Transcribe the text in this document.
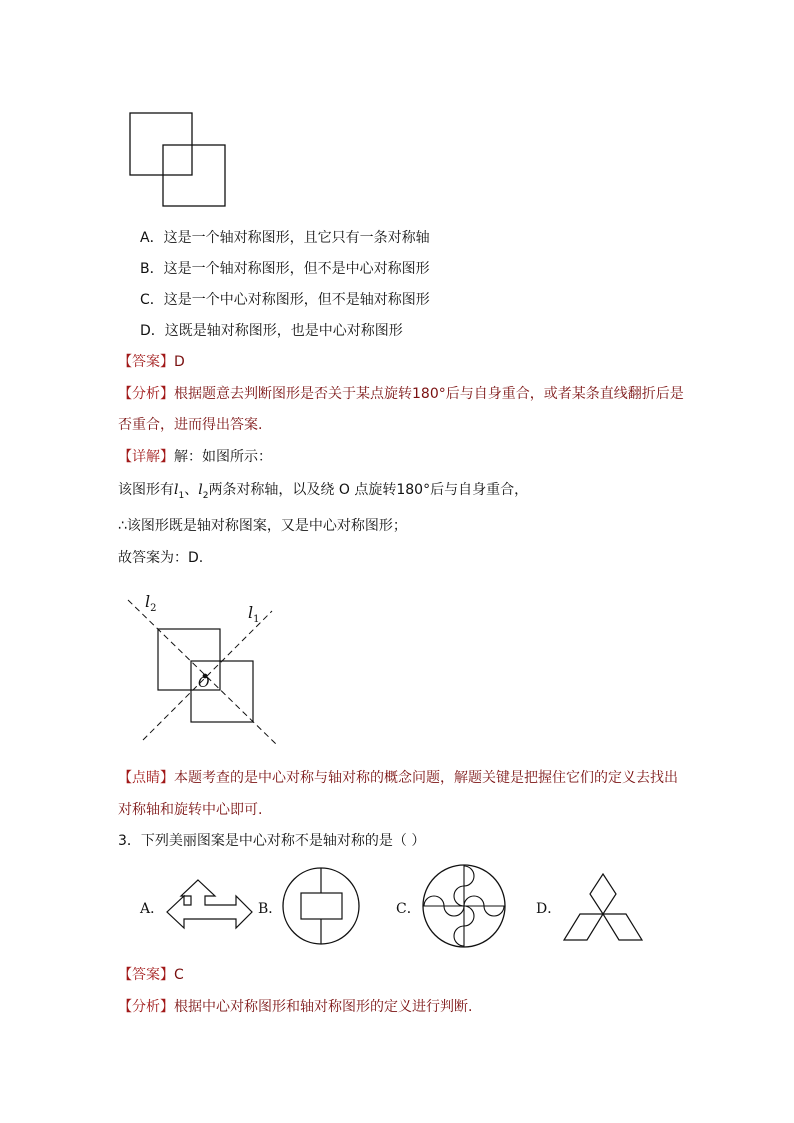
A．这是一个轴对称图形，且它只有一条对称轴
B．这是一个轴对称图形，但不是中心对称图形
C．这是一个中心对称图形，但不是轴对称图形
D．这既是轴对称图形，也是中心对称图形
【答案】D
【分析】根据题意去判断图形是否关于某点旋转180°后与自身重合，或者某条直线翻折后是
否重合，进而得出答案.
【详解】解：如图所示：
该图形有$l_1$、$l_2$两条对称轴，以及绕 O 点旋转180°后与自身重合，
∴该图形既是轴对称图案，又是中心对称图形；
故答案为：D.
$l_2$	$l_1$
O
【点睛】本题考查的是中心对称与轴对称的概念问题，解题关键是把握住它们的定义去找出
对称轴和旋转中心即可.
3．下列美丽图案是中心对称不是轴对称的是（ ）
A．	B．	C．	D．
【答案】C
【分析】根据中心对称图形和轴对称图形的定义进行判断.
